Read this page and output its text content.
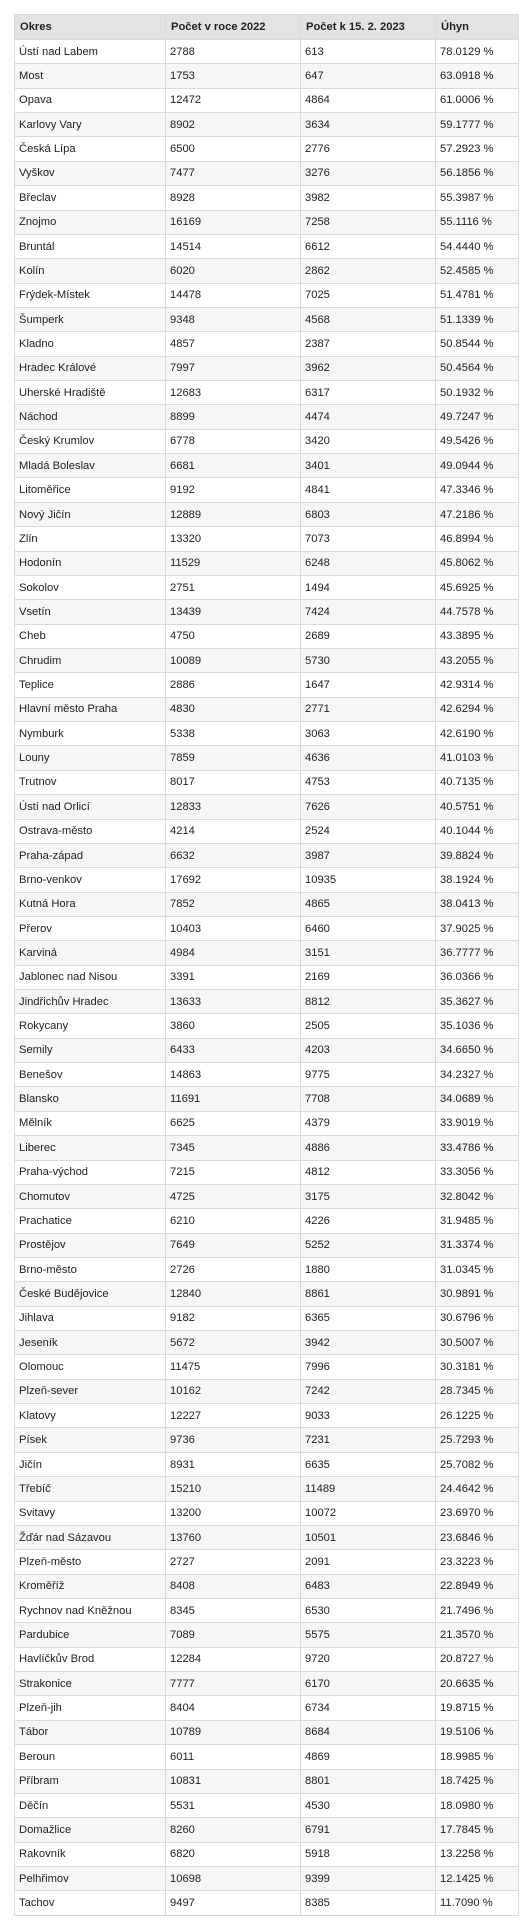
Okres	Počet v roce 2022	Počet k 15. 2. 2023	Úhyn
Ústí nad Labem	2788	613	78.0129 %
Most	1753	647	63.0918 %
Opava	12472	4864	61.0006 %
Karlovy Vary	8902	3634	59.1777 %
Česká Lípa	6500	2776	57.2923 %
Vyškov	7477	3276	56.1856 %
Břeclav	8928	3982	55.3987 %
Znojmo	16169	7258	55.1116 %
Bruntál	14514	6612	54.4440 %
Kolín	6020	2862	52.4585 %
Frýdek-Místek	14478	7025	51.4781 %
Šumperk	9348	4568	51.1339 %
Kladno	4857	2387	50.8544 %
Hradec Králové	7997	3962	50.4564 %
Uherské Hradiště	12683	6317	50.1932 %
Náchod	8899	4474	49.7247 %
Český Krumlov	6778	3420	49.5426 %
Mladá Boleslav	6681	3401	49.0944 %
Litoměřice	9192	4841	47.3346 %
Nový Jičín	12889	6803	47.2186 %
Zlín	13320	7073	46.8994 %
Hodonín	11529	6248	45.8062 %
Sokolov	2751	1494	45.6925 %
Vsetín	13439	7424	44.7578 %
Cheb	4750	2689	43.3895 %
Chrudim	10089	5730	43.2055 %
Teplice	2886	1647	42.9314 %
Hlavní město Praha	4830	2771	42.6294 %
Nymburk	5338	3063	42.6190 %
Louny	7859	4636	41.0103 %
Trutnov	8017	4753	40.7135 %
Ústí nad Orlicí	12833	7626	40.5751 %
Ostrava-město	4214	2524	40.1044 %
Praha-západ	6632	3987	39.8824 %
Brno-venkov	17692	10935	38.1924 %
Kutná Hora	7852	4865	38.0413 %
Přerov	10403	6460	37.9025 %
Karviná	4984	3151	36.7777 %
Jablonec nad Nisou	3391	2169	36.0366 %
Jindřichův Hradec	13633	8812	35.3627 %
Rokycany	3860	2505	35.1036 %
Semily	6433	4203	34.6650 %
Benešov	14863	9775	34.2327 %
Blansko	11691	7708	34.0689 %
Mělník	6625	4379	33.9019 %
Liberec	7345	4886	33.4786 %
Praha-východ	7215	4812	33.3056 %
Chomutov	4725	3175	32.8042 %
Prachatice	6210	4226	31.9485 %
Prostějov	7649	5252	31.3374 %
Brno-město	2726	1880	31.0345 %
České Budějovice	12840	8861	30.9891 %
Jihlava	9182	6365	30.6796 %
Jeseník	5672	3942	30.5007 %
Olomouc	11475	7996	30.3181 %
Plzeň-sever	10162	7242	28.7345 %
Klatovy	12227	9033	26.1225 %
Písek	9736	7231	25.7293 %
Jičín	8931	6635	25.7082 %
Třebíč	15210	11489	24.4642 %
Svitavy	13200	10072	23.6970 %
Žďár nad Sázavou	13760	10501	23.6846 %
Plzeň-město	2727	2091	23.3223 %
Kroměříž	8408	6483	22.8949 %
Rychnov nad Kněžnou	8345	6530	21.7496 %
Pardubice	7089	5575	21.3570 %
Havlíčkův Brod	12284	9720	20.8727 %
Strakonice	7777	6170	20.6635 %
Plzeň-jih	8404	6734	19.8715 %
Tábor	10789	8684	19.5106 %
Beroun	6011	4869	18.9985 %
Příbram	10831	8801	18.7425 %
Děčín	5531	4530	18.0980 %
Domažlice	8260	6791	17.7845 %
Rakovník	6820	5918	13.2258 %
Pelhřimov	10698	9399	12.1425 %
Tachov	9497	8385	11.7090 %
